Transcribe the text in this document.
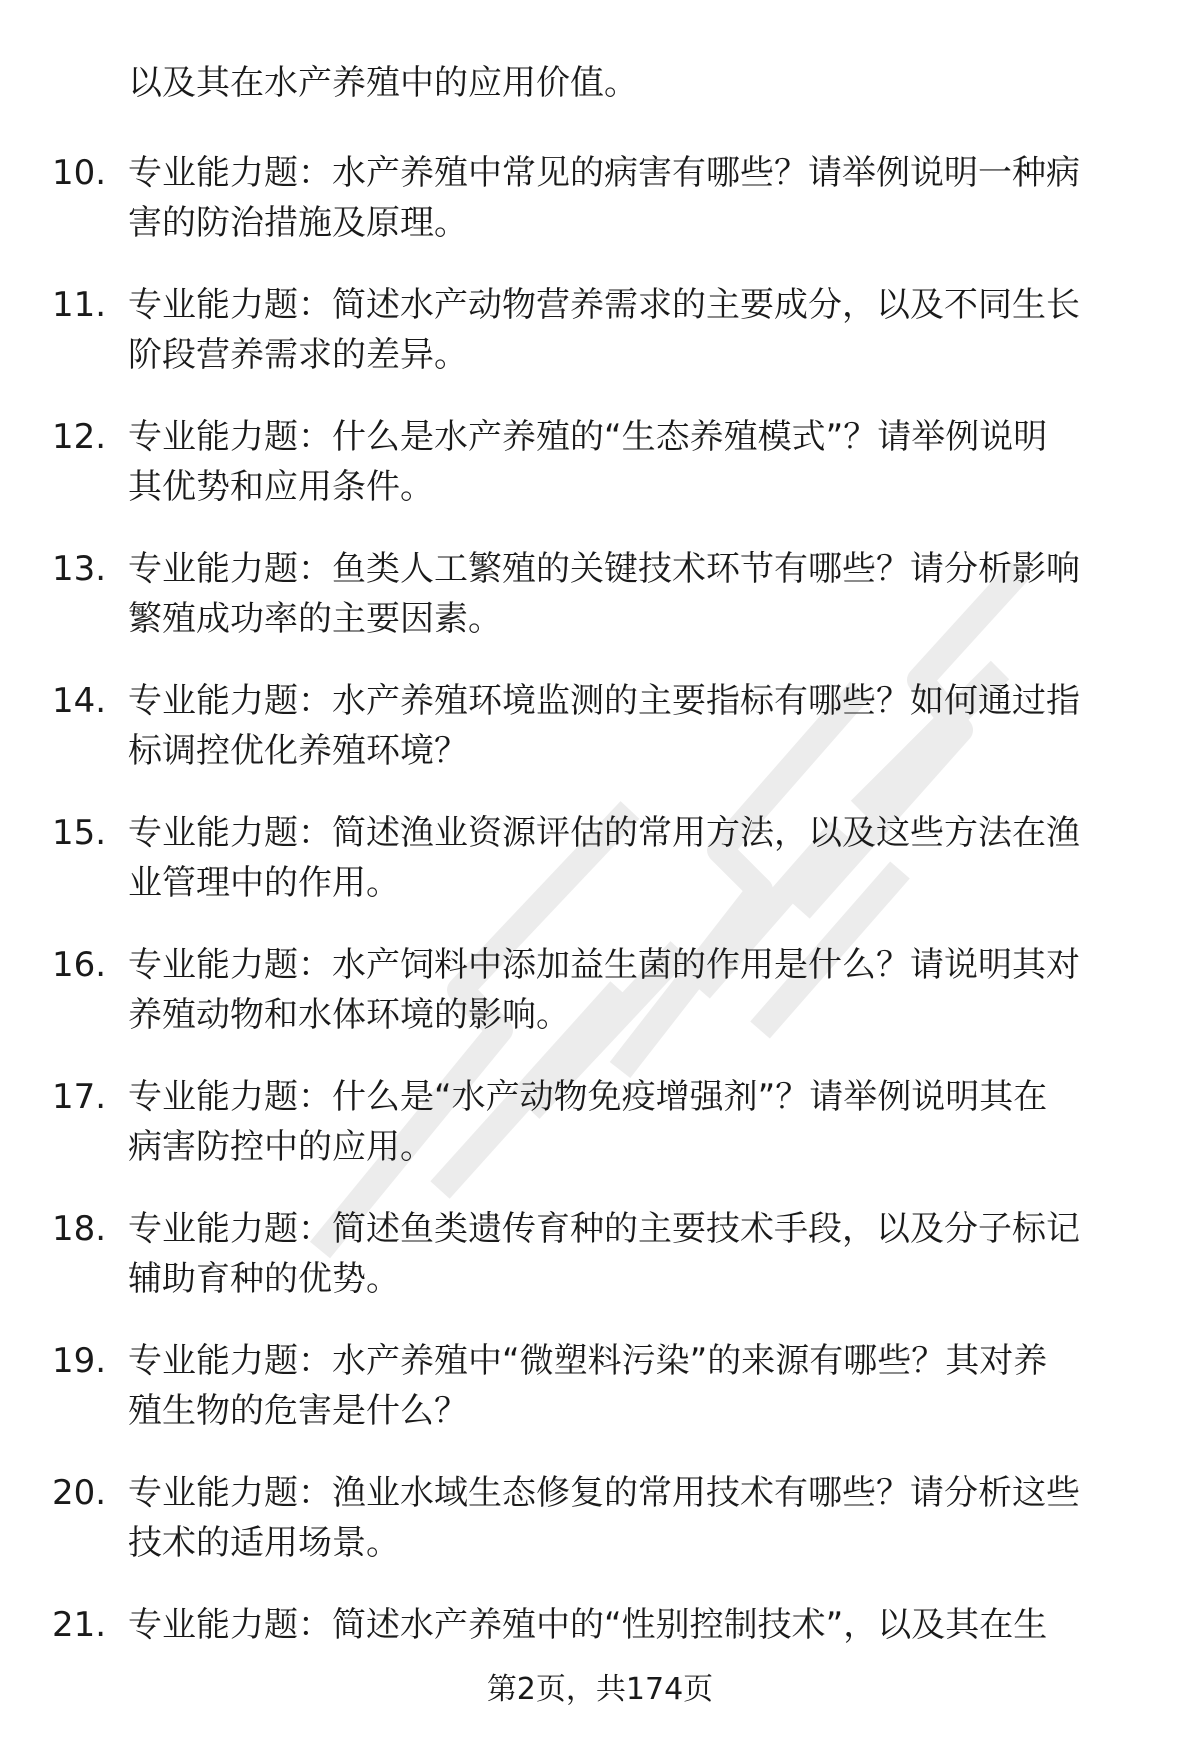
以及其在水产养殖中的应用价值。

10. 专业能力题：水产养殖中常见的病害有哪些？请举例说明一种病
害的防治措施及原理。
11. 专业能力题：简述水产动物营养需求的主要成分，以及不同生长
阶段营养需求的差异。
12. 专业能力题：什么是水产养殖的“生态养殖模式”？请举例说明
其优势和应用条件。
13. 专业能力题：鱼类人工繁殖的关键技术环节有哪些？请分析影响
繁殖成功率的主要因素。
14. 专业能力题：水产养殖环境监测的主要指标有哪些？如何通过指
标调控优化养殖环境？
15. 专业能力题：简述渔业资源评估的常用方法，以及这些方法在渔
业管理中的作用。
16. 专业能力题：水产饲料中添加益生菌的作用是什么？请说明其对
养殖动物和水体环境的影响。
17. 专业能力题：什么是“水产动物免疫增强剂”？请举例说明其在
病害防控中的应用。
18. 专业能力题：简述鱼类遗传育种的主要技术手段，以及分子标记
辅助育种的优势。
19. 专业能力题：水产养殖中“微塑料污染”的来源有哪些？其对养
殖生物的危害是什么？
20. 专业能力题：渔业水域生态修复的常用技术有哪些？请分析这些
技术的适用场景。
21. 专业能力题：简述水产养殖中的“性别控制技术”，以及其在生
第2页，共174页
